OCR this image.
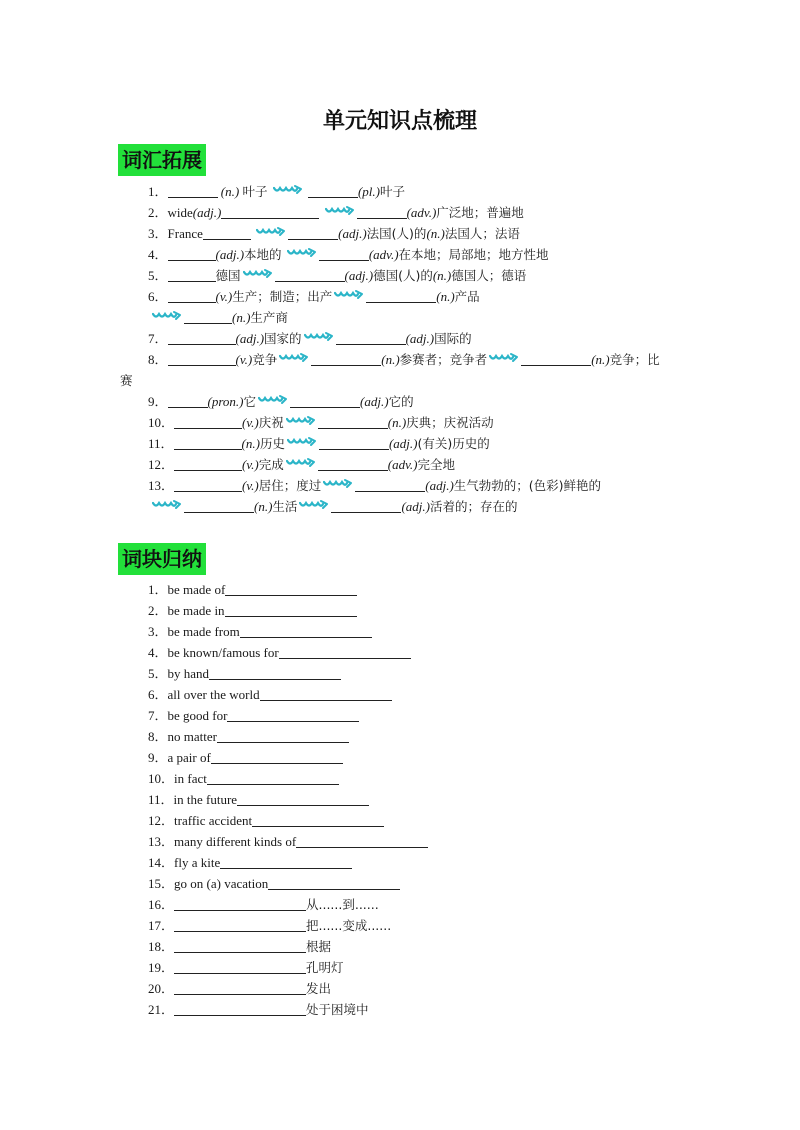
单元知识点梳理
词汇拓展
1．	(n.) 叶子	(pl.)叶子
2．wide(adj.)	(adv.)广泛地；普遍地
3．France	(adj.)法国(人)的(n.)法国人；法语
4．	(adj.)本地的	(adv.)在本地；局部地；地方性地
5．	德国	(adj.)德国(人)的(n.)德国人；德语
6．	(v.)生产；制造；出产	(n.)产品
(n.)生产商
7．	(adj.)国家的	(adj.)国际的
8．	(v.)竞争	(n.)参赛者；竞争者	(n.)竞争；比
赛
9．	(pron.)它	(adj.)它的
10．	(v.)庆祝	(n.)庆典；庆祝活动
11．	(n.)历史	(adj.)(有关)历史的
12．	(v.)完成	(adv.)完全地
13．	(v.)居住；度过	(adj.)生气勃勃的；(色彩)鲜艳的
(n.)生活	(adj.)活着的；存在的
词块归纳
1．be made of
2．be made in
3．be made from
4．be known/famous for
5．by hand
6．all over the world
7．be good for
8．no matter
9．a pair of
10．in fact
11．in the future
12．traffic accident
13．many different kinds of
14．fly a kite
15．go on (a) vacation
16．	从......到......
17．	把......变成......
18．	根据
19．	孔明灯
20．	发出
21．	处于困境中
